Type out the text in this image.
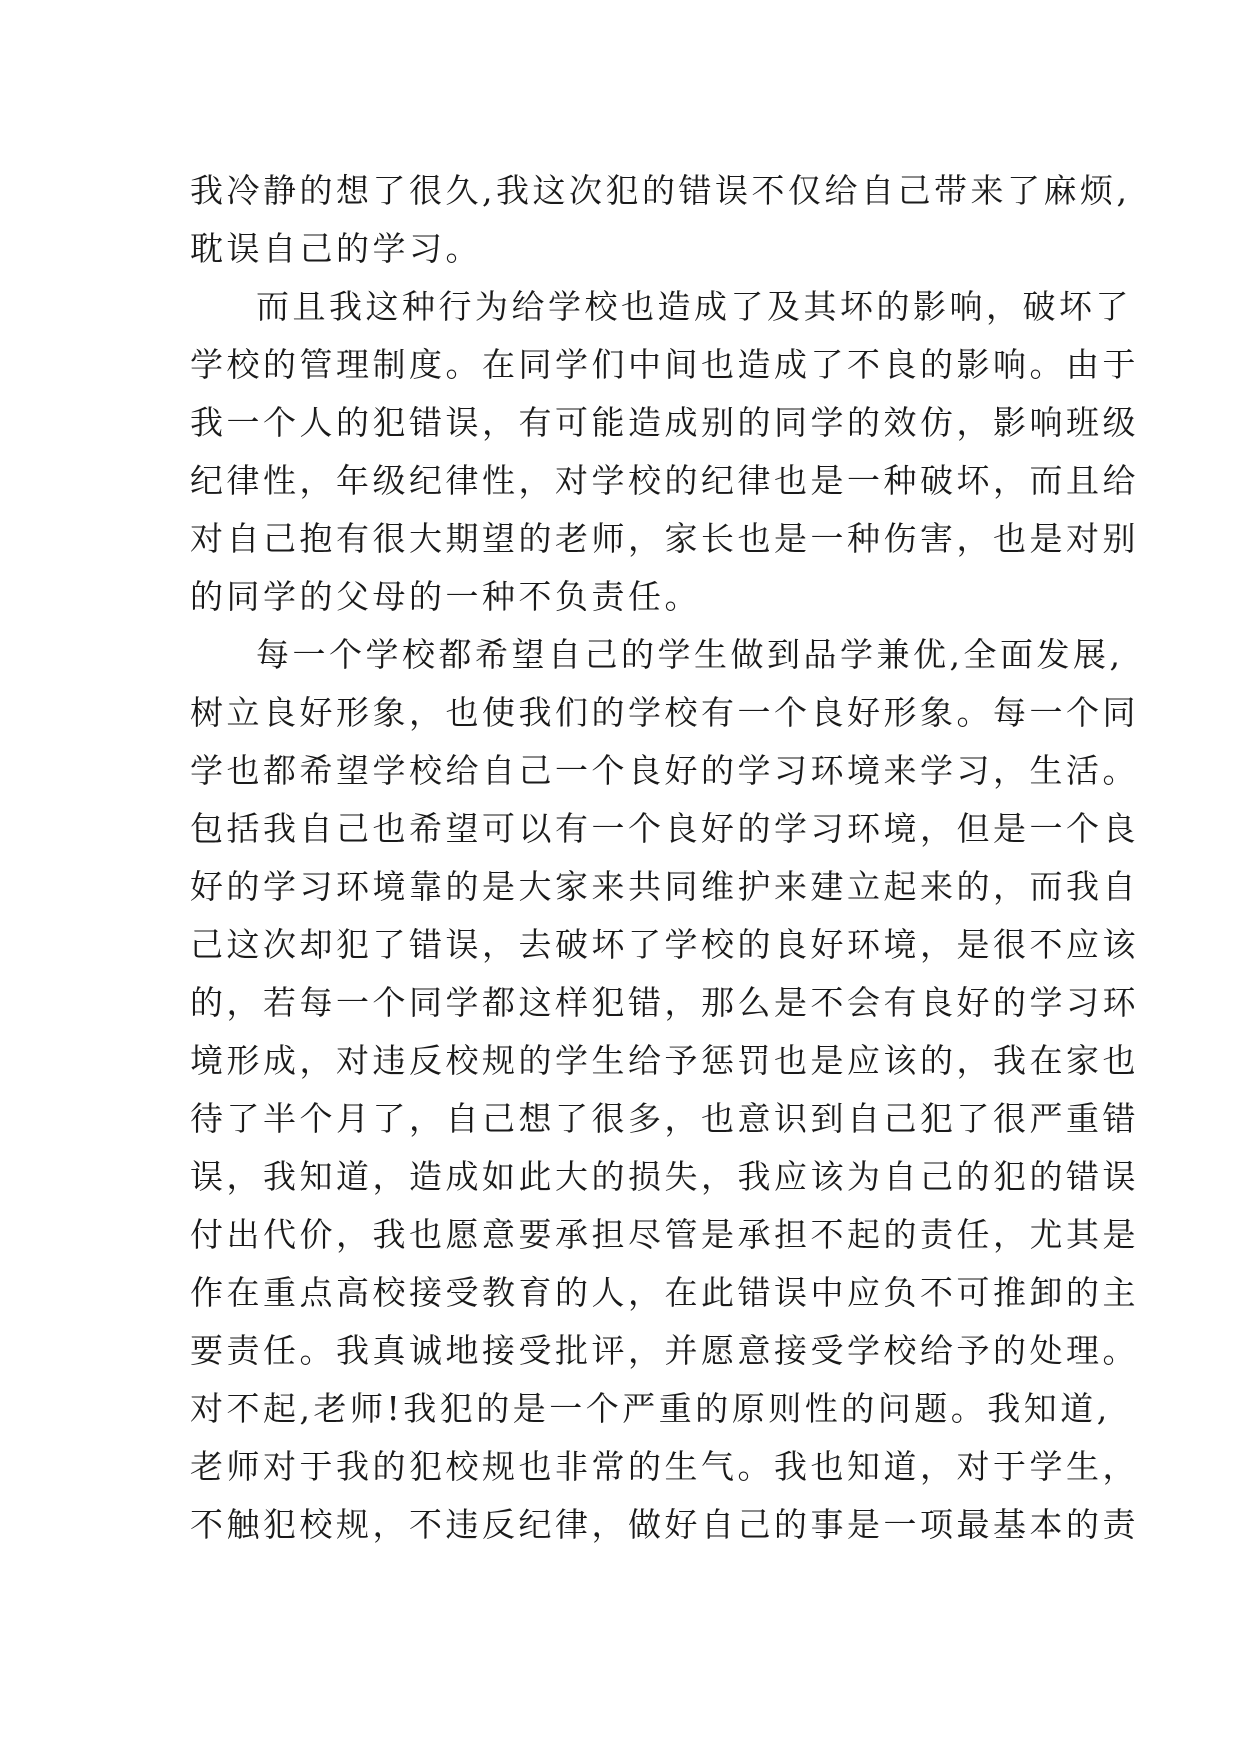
我冷静的想了很久,我这次犯的错误不仅给自己带来了麻烦,
耽误自己的学习。
而且我这种行为给学校也造成了及其坏的影响，破坏了
学校的管理制度。在同学们中间也造成了不良的影响。由于
我一个人的犯错误，有可能造成别的同学的效仿，影响班级
纪律性，年级纪律性，对学校的纪律也是一种破坏，而且给
对自己抱有很大期望的老师，家长也是一种伤害，也是对别
的同学的父母的一种不负责任。
每一个学校都希望自己的学生做到品学兼优,全面发展,
树立良好形象，也使我们的学校有一个良好形象。每一个同
学也都希望学校给自己一个良好的学习环境来学习，生活。
包括我自己也希望可以有一个良好的学习环境，但是一个良
好的学习环境靠的是大家来共同维护来建立起来的，而我自
己这次却犯了错误，去破坏了学校的良好环境，是很不应该
的，若每一个同学都这样犯错，那么是不会有良好的学习环
境形成，对违反校规的学生给予惩罚也是应该的，我在家也
待了半个月了，自己想了很多，也意识到自己犯了很严重错
误，我知道，造成如此大的损失，我应该为自己的犯的错误
付出代价，我也愿意要承担尽管是承担不起的责任，尤其是
作在重点高校接受教育的人，在此错误中应负不可推卸的主
要责任。我真诚地接受批评，并愿意接受学校给予的处理。
对不起,老师!我犯的是一个严重的原则性的问题。我知道,
老师对于我的犯校规也非常的生气。我也知道，对于学生，
不触犯校规，不违反纪律，做好自己的事是一项最基本的责
